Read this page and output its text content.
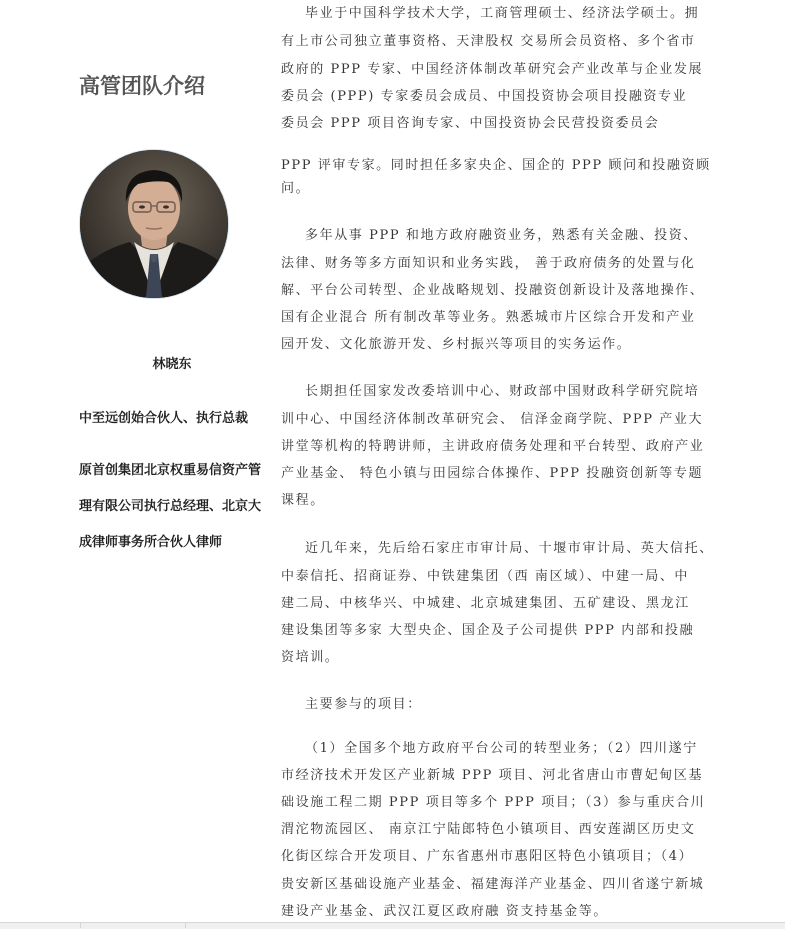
高管团队介绍
林晓东
中至远创始合伙人、执行总裁
原首创集团北京权重易信资产管
理有限公司执行总经理、北京大
成律师事务所合伙人律师
毕业于中国科学技术大学，工商管理硕士、经济法学硕士。拥
有上市公司独立董事资格、天津股权 交易所会员资格、多个省市
政府的 PPP 专家、中国经济体制改革研究会产业改革与企业发展
委员会 (PPP) 专家委员会成员、中国投资协会项目投融资专业
委员会 PPP 项目咨询专家、中国投资协会民营投资委员会
PPP 评审专家。同时担任多家央企、国企的 PPP 顾问和投融资顾
问。
多年从事 PPP 和地方政府融资业务，熟悉有关金融、投资、
法律、财务等多方面知识和业务实践， 善于政府债务的处置与化
解、平台公司转型、企业战略规划、投融资创新设计及落地操作、
国有企业混合 所有制改革等业务。熟悉城市片区综合开发和产业
园开发、文化旅游开发、乡村振兴等项目的实务运作。
长期担任国家发改委培训中心、财政部中国财政科学研究院培
训中心、中国经济体制改革研究会、 信泽金商学院、PPP 产业大
讲堂等机构的特聘讲师，主讲政府债务处理和平台转型、政府产业
产业基金、 特色小镇与田园综合体操作、PPP 投融资创新等专题
课程。
近几年来，先后给石家庄市审计局、十堰市审计局、英大信托、
中泰信托、招商证券、中铁建集团（西 南区域）、中建一局、中
建二局、中核华兴、中城建、北京城建集团、五矿建设、黑龙江
建设集团等多家 大型央企、国企及子公司提供 PPP 内部和投融
资培训。
主要参与的项目：
（1）全国多个地方政府平台公司的转型业务；（2）四川遂宁
市经济技术开发区产业新城 PPP 项目、河北省唐山市曹妃甸区基
础设施工程二期 PPP 项目等多个 PPP 项目；（3）参与重庆合川
渭沱物流园区、 南京江宁陆郎特色小镇项目、西安莲湖区历史文
化街区综合开发项目、广东省惠州市惠阳区特色小镇项目；（4）
贵安新区基础设施产业基金、福建海洋产业基金、四川省遂宁新城
建设产业基金、武汉江夏区政府融 资支持基金等。
